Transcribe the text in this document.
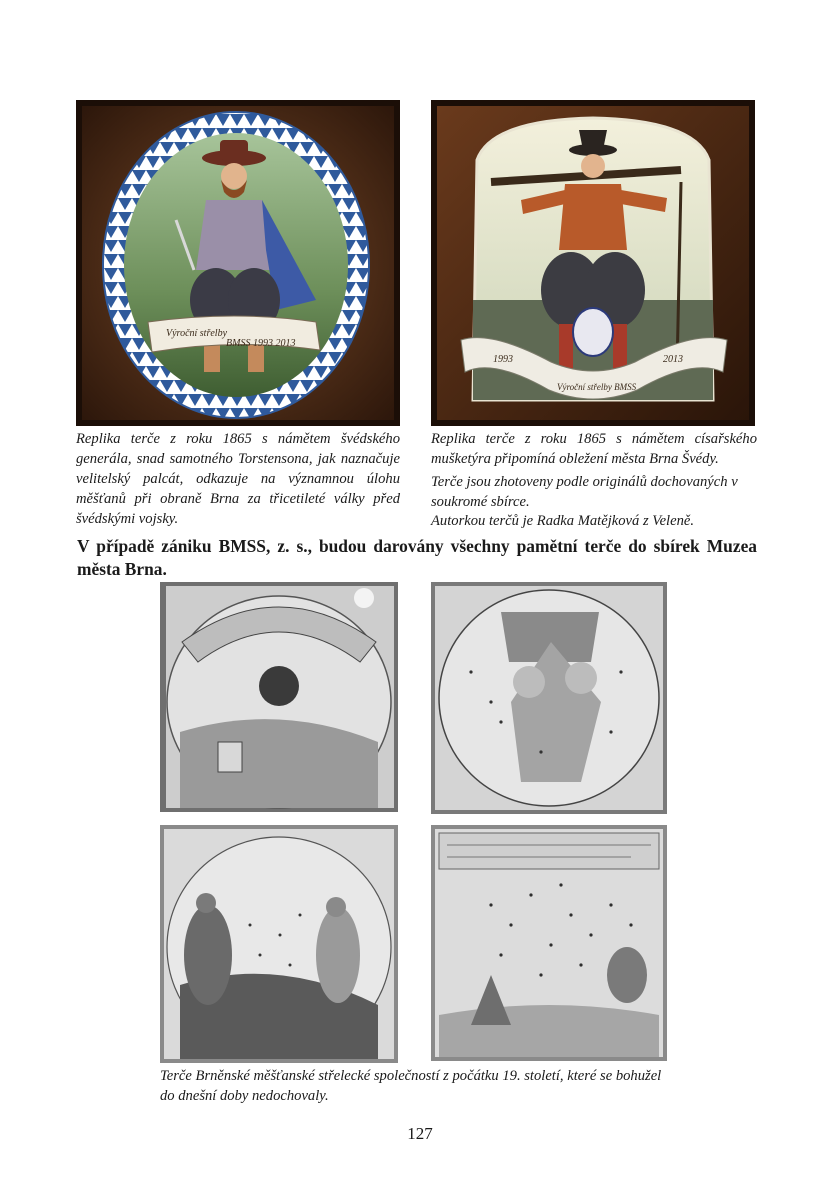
Výroční střelby
BMSS 1993 2013
1993	2013
Výroční střelby BMSS

Replika terče z roku 1865 s námětem švédského generála, snad samotného Torstensona, jak naznačuje velitelský palcát, odkazuje na významnou úlohu měšťanů při obraně Brna za třicetileté války před švédskými vojsky.

Replika terče z roku 1865 s námětem císařského mušketýra připomíná obležení města Brna Švédy.

Terče jsou zhotoveny podle originálů dochovaných v soukromé sbírce.

Autorkou terčů je Radka Matějková z Veleně.

V případě zániku BMSS, z. s., budou darovány všechny pamětní terče do sbírek Muzea města Brna.

Terče Brněnské měšťanské střelecké společností z počátku 19. století, které se bohužel do dnešní doby nedochovaly.

127
